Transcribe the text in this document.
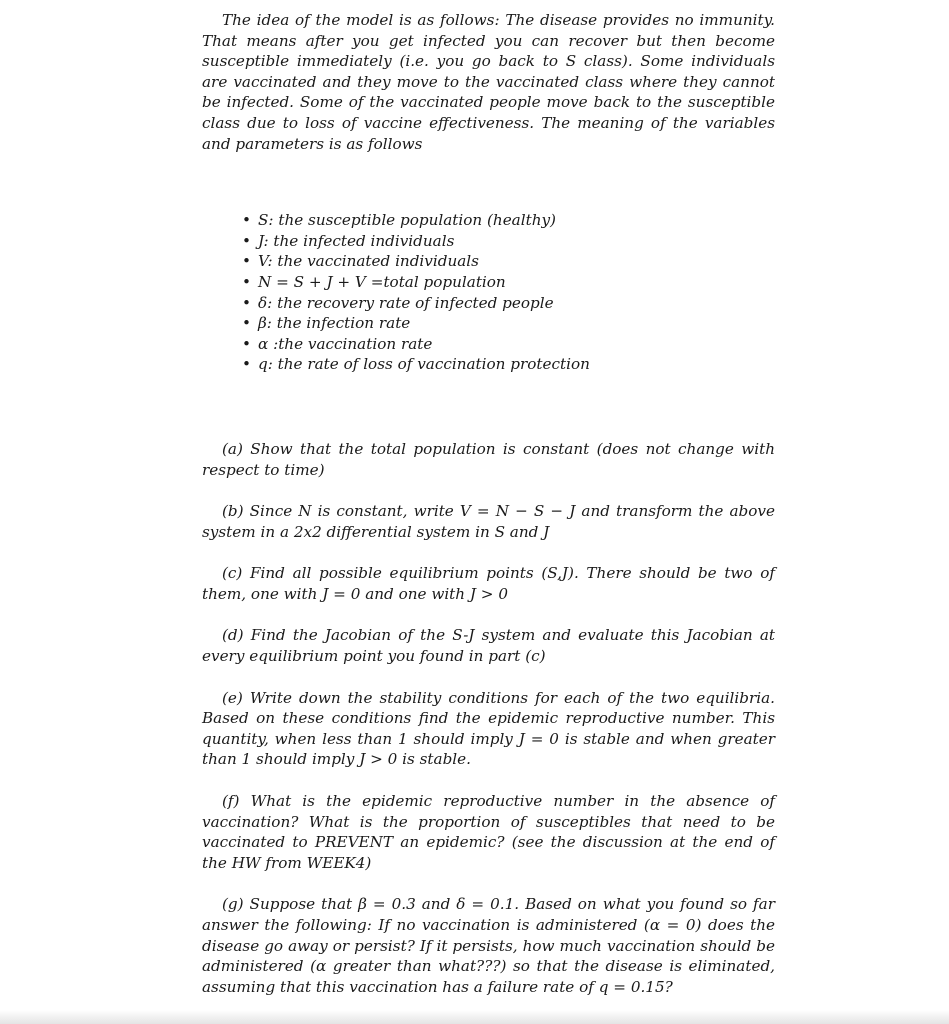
The idea of the model is as follows: The disease provides no immunity. That means after you get infected you can recover but then become susceptible immediately (i.e. you go back to S class). Some individuals are vaccinated and they move to the vaccinated class where they cannot be infected. Some of the vaccinated people move back to the susceptible class due to loss of vaccine effectiveness. The meaning of the variables and parameters is as follows

• S: the susceptible population (healthy)
• J: the infected individuals
• V: the vaccinated individuals
• N = S + J + V =total population
• δ: the recovery rate of infected people
• β: the infection rate
• α :the vaccination rate
• q: the rate of loss of vaccination protection

(a) Show that the total population is constant (does not change with respect to time)

(b) Since N is constant, write V = N − S − J and transform the above system in a 2x2 differential system in S and J

(c) Find all possible equilibrium points (S,J). There should be two of them, one with J = 0 and one with J > 0

(d) Find the Jacobian of the S-J system and evaluate this Jacobian at every equilibrium point you found in part (c)

(e) Write down the stability conditions for each of the two equilibria. Based on these conditions find the epidemic reproductive number. This quantity, when less than 1 should imply J = 0 is stable and when greater than 1 should imply J > 0 is stable.

(f) What is the epidemic reproductive number in the absence of vaccination? What is the proportion of susceptibles that need to be vaccinated to PREVENT an epidemic? (see the discussion at the end of the HW from WEEK4)

(g) Suppose that β = 0.3 and δ = 0.1. Based on what you found so far answer the following: If no vaccination is administered (α = 0) does the disease go away or persist? If it persists, how much vaccination should be administered (α greater than what???) so that the disease is eliminated, assuming that this vaccination has a failure rate of q = 0.15?
